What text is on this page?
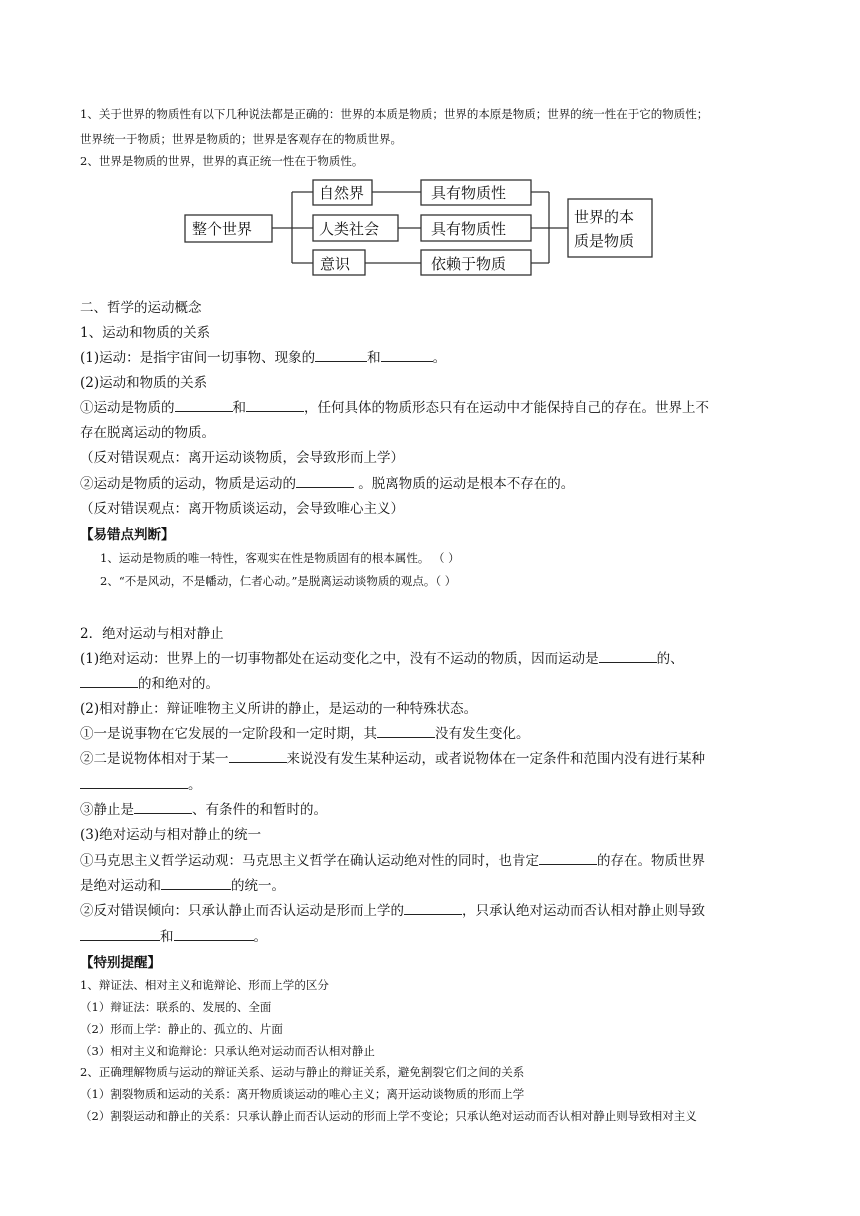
1、关于世界的物质性有以下几种说法都是正确的：世界的本质是物质；世界的本原是物质；世界的统一性在于它的物质性；
世界统一于物质；世界是物质的；世界是客观存在的物质世界。
2、世界是物质的世界，世界的真正统一性在于物质性。
整个世界
自然界
人类社会
意识
具有物质性
具有物质性
依赖于物质
世界的本
质是物质
二、哲学的运动概念
1、运动和物质的关系
(1)运动：是指宇宙间一切事物、现象的	和	。
(2)运动和物质的关系
①运动是物质的	和	，任何具体的物质形态只有在运动中才能保持自己的存在。世界上不
存在脱离运动的物质。
（反对错误观点：离开运动谈物质，会导致形而上学）
②运动是物质的运动，物质是运动的	。脱离物质的运动是根本不存在的。
（反对错误观点：离开物质谈运动，会导致唯心主义）
【易错点判断】
1、运动是物质的唯一特性，客观实在性是物质固有的根本属性。 （ ）
2、“不是风动，不是幡动，仁者心动。”是脱离运动谈物质的观点。（ ）
2．绝对运动与相对静止
(1)绝对运动：世界上的一切事物都处在运动变化之中，没有不运动的物质，因而运动是	的、
的和绝对的。
(2)相对静止：辩证唯物主义所讲的静止，是运动的一种特殊状态。
①一是说事物在它发展的一定阶段和一定时期，其	没有发生变化。
②二是说物体相对于某一	来说没有发生某种运动，或者说物体在一定条件和范围内没有进行某种
。
③静止是	、有条件的和暂时的。
(3)绝对运动与相对静止的统一
①马克思主义哲学运动观：马克思主义哲学在确认运动绝对性的同时，也肯定	的存在。物质世界
是绝对运动和	的统一。
②反对错误倾向：只承认静止而否认运动是形而上学的	，只承认绝对运动而否认相对静止则导致
和	。
【特别提醒】
1、辩证法、相对主义和诡辩论、形而上学的区分
（1）辩证法：联系的、发展的、全面
（2）形而上学：静止的、孤立的、片面
（3）相对主义和诡辩论：只承认绝对运动而否认相对静止
2、正确理解物质与运动的辩证关系、运动与静止的辩证关系，避免割裂它们之间的关系
（1）割裂物质和运动的关系：离开物质谈运动的唯心主义；离开运动谈物质的形而上学
（2）割裂运动和静止的关系：只承认静止而否认运动的形而上学不变论；只承认绝对运动而否认相对静止则导致相对主义
